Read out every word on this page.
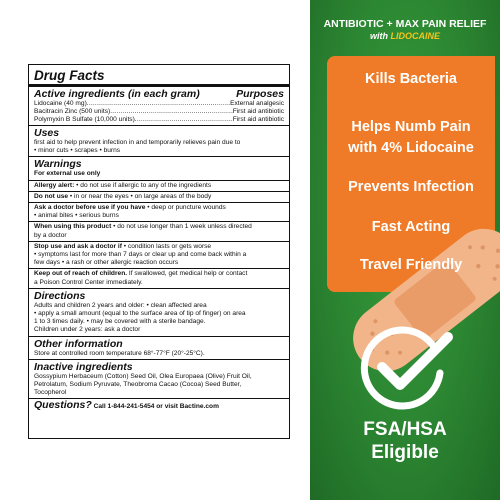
Drug Facts
Active ingredients (in each gram)	Purposes
Lidocaine (40 mg) .....	External analgesic
Bacitracin Zinc (500 units) .....	First aid antibiotic
Polymyxin B Sulfate (10,000 units) .....	First aid antibiotic
Uses
first aid to help prevent infection in and temporarily relieves pain due to
• minor cuts • scrapes • burns
Warnings
For external use only
Allergy alert: • do not use if allergic to any of the ingredients
Do not use • in or near the eyes • on large areas of the body
Ask a doctor before use if you have • deep or puncture wounds
• animal bites • serious burns
When using this product • do not use longer than 1 week unless directed
by a doctor
Stop use and ask a doctor if • condition lasts or gets worse
• symptoms last for more than 7 days or clear up and come back within a
few days • a rash or other allergic reaction occurs
Keep out of reach of children. If swallowed, get medical help or contact
a Poison Control Center immediately.
Directions
Adults and children 2 years and older: • clean affected area
• apply a small amount (equal to the surface area of tip of finger) on area
1 to 3 times daily. • may be covered with a sterile bandage.
Children under 2 years: ask a doctor
Other information
Store at controlled room temperature 68°-77°F (20°-25°C).
Inactive ingredients
Gossypium Herbaceum (Cotton) Seed Oil, Olea Europaea (Olive) Fruit Oil,
Petrolatum, Sodium Pyruvate, Theobroma Cacao (Cocoa) Seed Butter,
Tocopherol
Questions? Call 1-844-241-5454 or visit Bactine.com
ANTIBIOTIC + MAX PAIN RELIEF
with LIDOCAINE
Kills Bacteria
Helps Numb Pain
with 4% Lidocaine
Prevents Infection
Fast Acting
Travel Friendly
FSA/HSA
Eligible
